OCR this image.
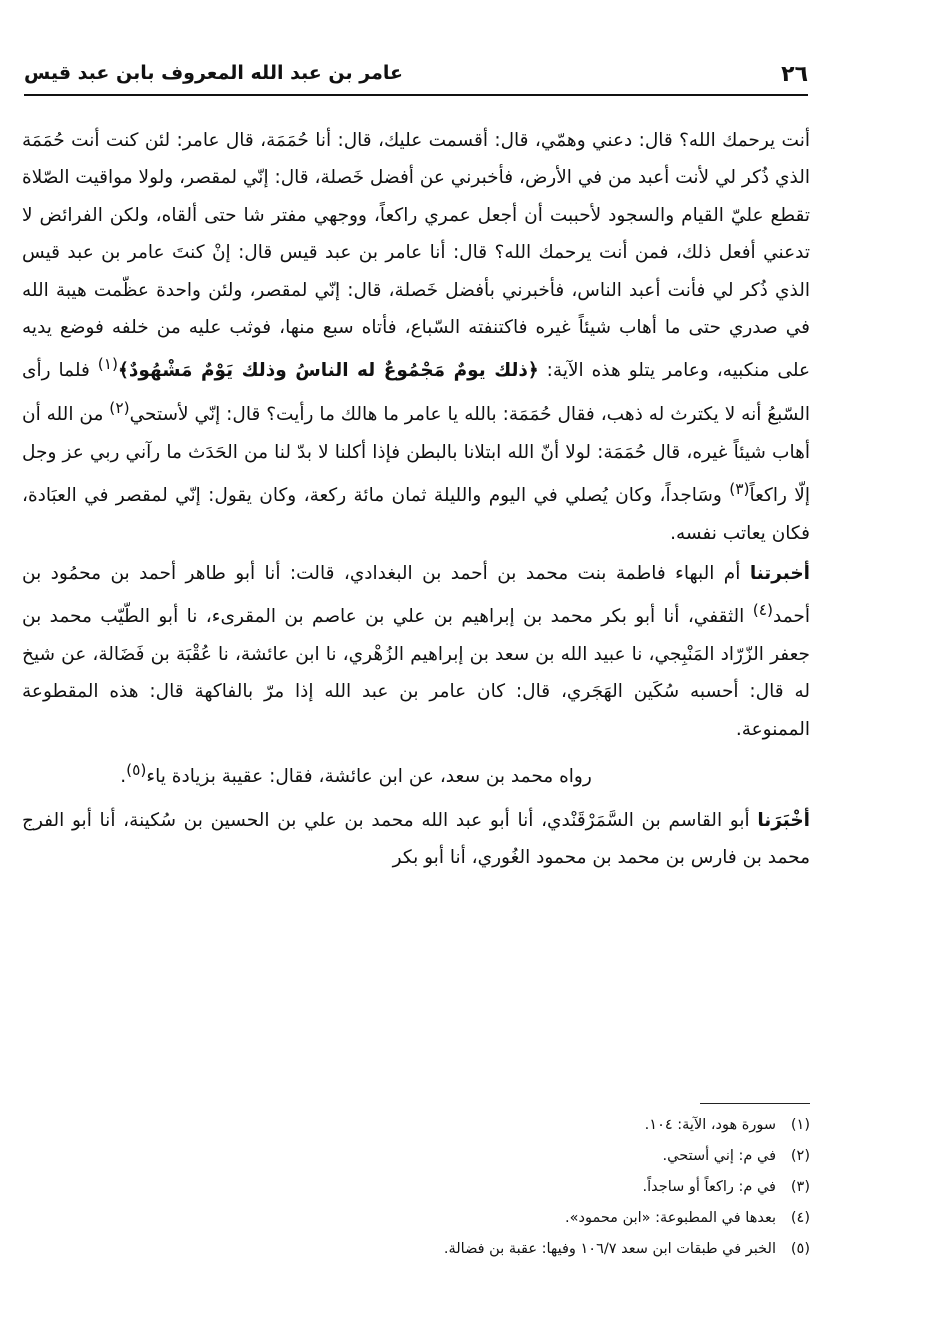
٢٦
عامر بن عبد الله المعروف بابن عبد قيس

أنت يرحمك الله؟ قال: دعني وهمّي، قال: أقسمت عليك، قال: أنا حُمَمَة، قال عامر: لئن كنت أنت حُمَمَة الذي ذُكر لي لأنت أعبد من في الأرض، فأخبرني عن أفضل خَصلة، قال: إنّي لمقصر، ولولا مواقيت الصّلاة تقطع عليّ القيام والسجود لأحببت أن أجعل عمري راكعاً، ووجهي مفتر شا حتى ألقاه، ولكن الفرائض لا تدعني أفعل ذلك، فمن أنت يرحمك الله؟ قال: أنا عامر بن عبد قيس قال: إنْ كنتَ عامر بن عبد قيس الذي ذُكر لي فأنت أعبد الناس، فأخبرني بأفضل خَصلة، قال: إنّي لمقصر، ولئن واحدة عظّمت هيبة الله في صدري حتى ما أهاب شيئاً غيره فاكتنفته السّباع، فأتاه سبع منها، فوثب عليه من خلفه فوضع يديه على منكبيه، وعامر يتلو هذه الآية: ﴿ذلك يومٌ مَجْمُوعٌ له الناسُ وذلك يَوْمٌ مَشْهُودٌ﴾$^{(١)}$ فلما رأى السّبعُ أنه لا يكترث له ذهب، فقال حُمَمَة: بالله يا عامر ما هالك ما رأيت؟ قال: إنّي لأستحي$^{(٢)}$ من الله أن أهاب شيئاً غيره، قال حُمَمَة: لولا أنّ الله ابتلانا بالبطن فإذا أكلنا لا بدّ لنا من الحَدَث ما رآني ربي عز وجل إلّا راكعاً$^{(٣)}$ وسَاجداً، وكان يُصلي في اليوم والليلة ثمان مائة ركعة، وكان يقول: إنّي لمقصر في العبَادة، فكان يعاتب نفسه.

أخبرتنا أم البهاء فاطمة بنت محمد بن أحمد بن البغدادي، قالت: أنا أبو طاهر أحمد بن محمُود بن أحمد$^{(٤)}$ الثقفي، أنا أبو بكر محمد بن إبراهيم بن علي بن عاصم بن المقرىء، نا أبو الطّيّب محمد بن جعفر الزّرّاد المَنْبِجي، نا عبيد الله بن سعد بن إبراهيم الزُهْري، نا ابن عائشة، نا عُقْبَة بن فَضَالة، عن شيخ له قال: أحسبه سُكَين الهَجَري، قال: كان عامر بن عبد الله إذا مرّ بالفاكهة قال: هذه المقطوعة الممنوعة.

رواه محمد بن سعد، عن ابن عائشة، فقال: عقيبة بزيادة ياء$^{(٥)}$.

أخْبَرَنا أبو القاسم بن السَّمَرْقَنْدي، أنا أبو عبد الله محمد بن علي بن الحسين بن سُكينة، أنا أبو الفرج محمد بن فارس بن محمد بن محمود الغُوري، أنا أبو بكر

(١)سورة هود، الآية: ١٠٤.
(٢)في م: إني أستحي.
(٣)في م: راكعاً أو ساجداً.
(٤)بعدها في المطبوعة: «ابن محمود».
(٥)الخبر في طبقات ابن سعد ١٠٦/٧ وفيها: عقبة بن فضالة.
